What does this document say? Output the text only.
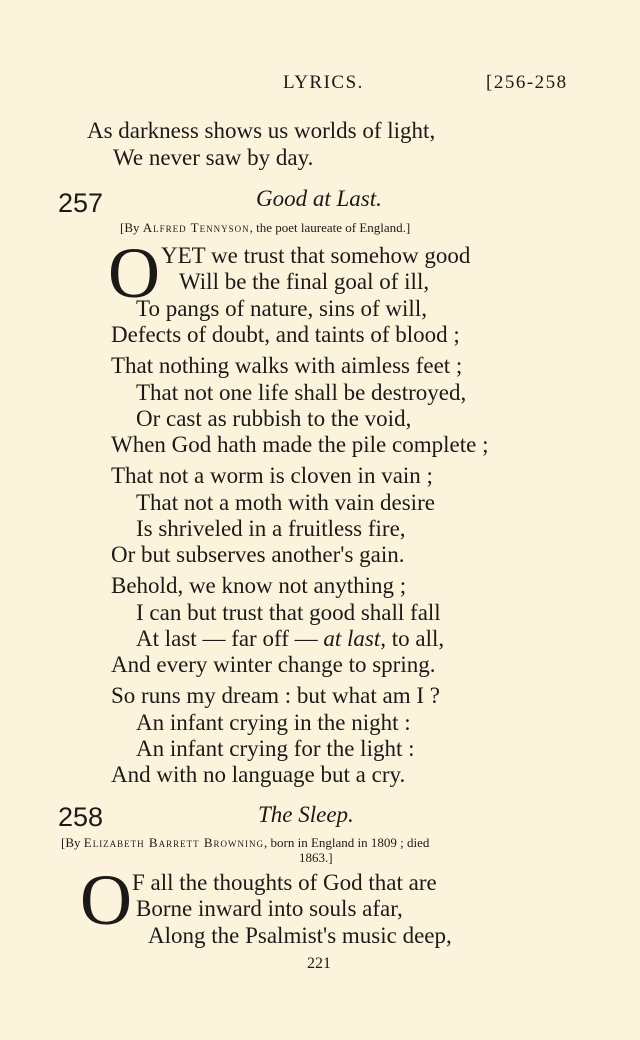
LYRICS.	[256-258
As darkness shows us worlds of light,
We never saw by day.
257	Good at Last.
[By Alfred Tennyson, the poet laureate of England.]
O YET we trust that somehow good
Will be the final goal of ill,
To pangs of nature, sins of will,
Defects of doubt, and taints of blood ;
That nothing walks with aimless feet ;
That not one life shall be destroyed,
Or cast as rubbish to the void,
When God hath made the pile complete ;
That not a worm is cloven in vain ;
That not a moth with vain desire
Is shriveled in a fruitless fire,
Or but subserves another's gain.
Behold, we know not anything ;
I can but trust that good shall fall
At last — far off — at last, to all,
And every winter change to spring.
So runs my dream : but what am I ?
An infant crying in the night :
An infant crying for the light :
And with no language but a cry.
258	The Sleep.
[By Elizabeth Barrett Browning, born in England in 1809 ; died
1863.]
O F all the thoughts of God that are
Borne inward into souls afar,
Along the Psalmist's music deep,
221
